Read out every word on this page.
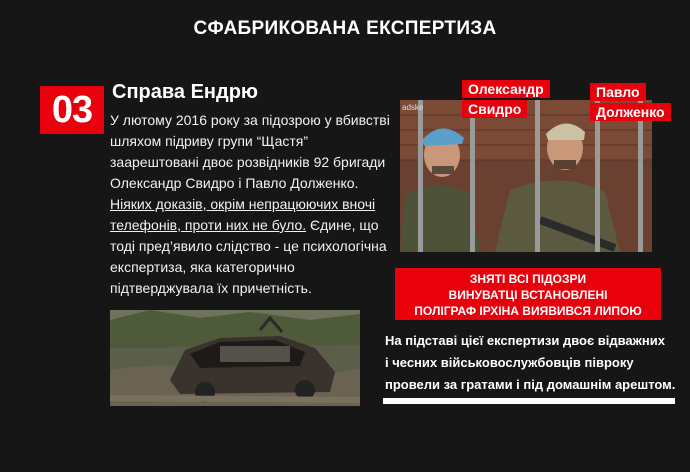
СФАБРИКОВАНА ЕКСПЕРТИЗА
03 Справа Ендрю
У лютому 2016 року за підозрою у вбивстві шляхом підриву групи “Щастя” заарештовані двоє розвідників 92 бригади Олександр Свидро і Павло Долженко. Ніяких доказів, окрім непрацюючих вночі телефонів, проти них не було. Єдине, що тоді пред’явило слідство - це психологічна експертиза, яка категорично підтверджувала їх причетність.
adske
Олександр
Свидро
Павло
Долженко
ЗНЯТІ ВСІ ПІДОЗРИ
ВИНУВАТЦІ ВСТАНОВЛЕНІ
ПОЛІГРАФ ІРХІНА ВИЯВИВСЯ ЛИПОЮ
На підставі цієї експертизи двоє відважних
і чесних військовослужбовців півроку
провели за гратами і під домашнім арештом.
